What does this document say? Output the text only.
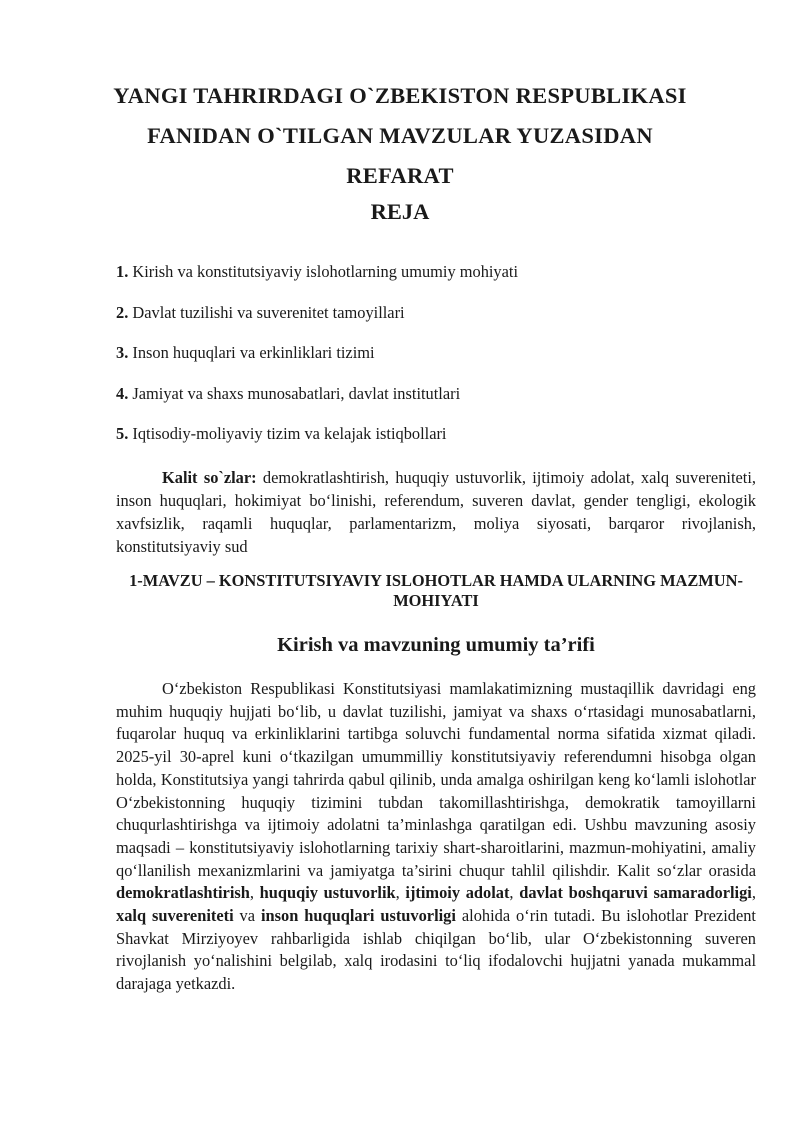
YANGI TAHRIRDAGI O`ZBEKISTON RESPUBLIKASI
FANIDAN O`TILGAN MAVZULAR YUZASIDAN
REFARAT
REJA
1. Kirish va konstitutsiyaviy islohotlarning umumiy mohiyati
2. Davlat tuzilishi va suverenitet tamoyillari
3. Inson huquqlari va erkinliklari tizimi
4. Jamiyat va shaxs munosabatlari, davlat institutlari
5. Iqtisodiy-moliyaviy tizim va kelajak istiqbollari
Kalit so`zlar: demokratlashtirish, huquqiy ustuvorlik, ijtimoiy adolat, xalq suvereniteti, inson huquqlari, hokimiyat bo‘linishi, referendum, suveren davlat, gender tengligi, ekologik xavfsizlik, raqamli huquqlar, parlamentarizm, moliya siyosati, barqaror rivojlanish, konstitutsiyaviy sud
1-MAVZU – KONSTITUTSIYAVIY ISLOHOTLAR HAMDA ULARNING MAZMUN-MOHIYATI
Kirish va mavzuning umumiy ta’rifi
O‘zbekiston Respublikasi Konstitutsiyasi mamlakatimizning mustaqillik davridagi eng muhim huquqiy hujjati bo‘lib, u davlat tuzilishi, jamiyat va shaxs o‘rtasidagi munosabatlarni, fuqarolar huquq va erkinliklarini tartibga soluvchi fundamental norma sifatida xizmat qiladi. 2025-yil 30-aprel kuni o‘tkazilgan umummilliy konstitutsiyaviy referendumni hisobga olgan holda, Konstitutsiya yangi tahrirda qabul qilinib, unda amalga oshirilgan keng ko‘lamli islohotlar O‘zbekistonning huquqiy tizimini tubdan takomillashtirishga, demokratik tamoyillarni chuqurlashtirishga va ijtimoiy adolatni ta’minlashga qaratilgan edi. Ushbu mavzuning asosiy maqsadi – konstitutsiyaviy islohotlarning tarixiy shart-sharoitlarini, mazmun-mohiyatini, amaliy qo‘llanilish mexanizmlarini va jamiyatga ta’sirini chuqur tahlil qilishdir. Kalit so‘zlar orasida demokratlashtirish, huquqiy ustuvorlik, ijtimoiy adolat, davlat boshqaruvi samaradorligi, xalq suvereniteti va inson huquqlari ustuvorligi alohida o‘rin tutadi. Bu islohotlar Prezident Shavkat Mirziyoyev rahbarligida ishlab chiqilgan bo‘lib, ular O‘zbekistonning suveren rivojlanish yo‘nalishini belgilab, xalq irodasini to‘liq ifodalovchi hujjatni yanada mukammal darajaga yetkazdi.
